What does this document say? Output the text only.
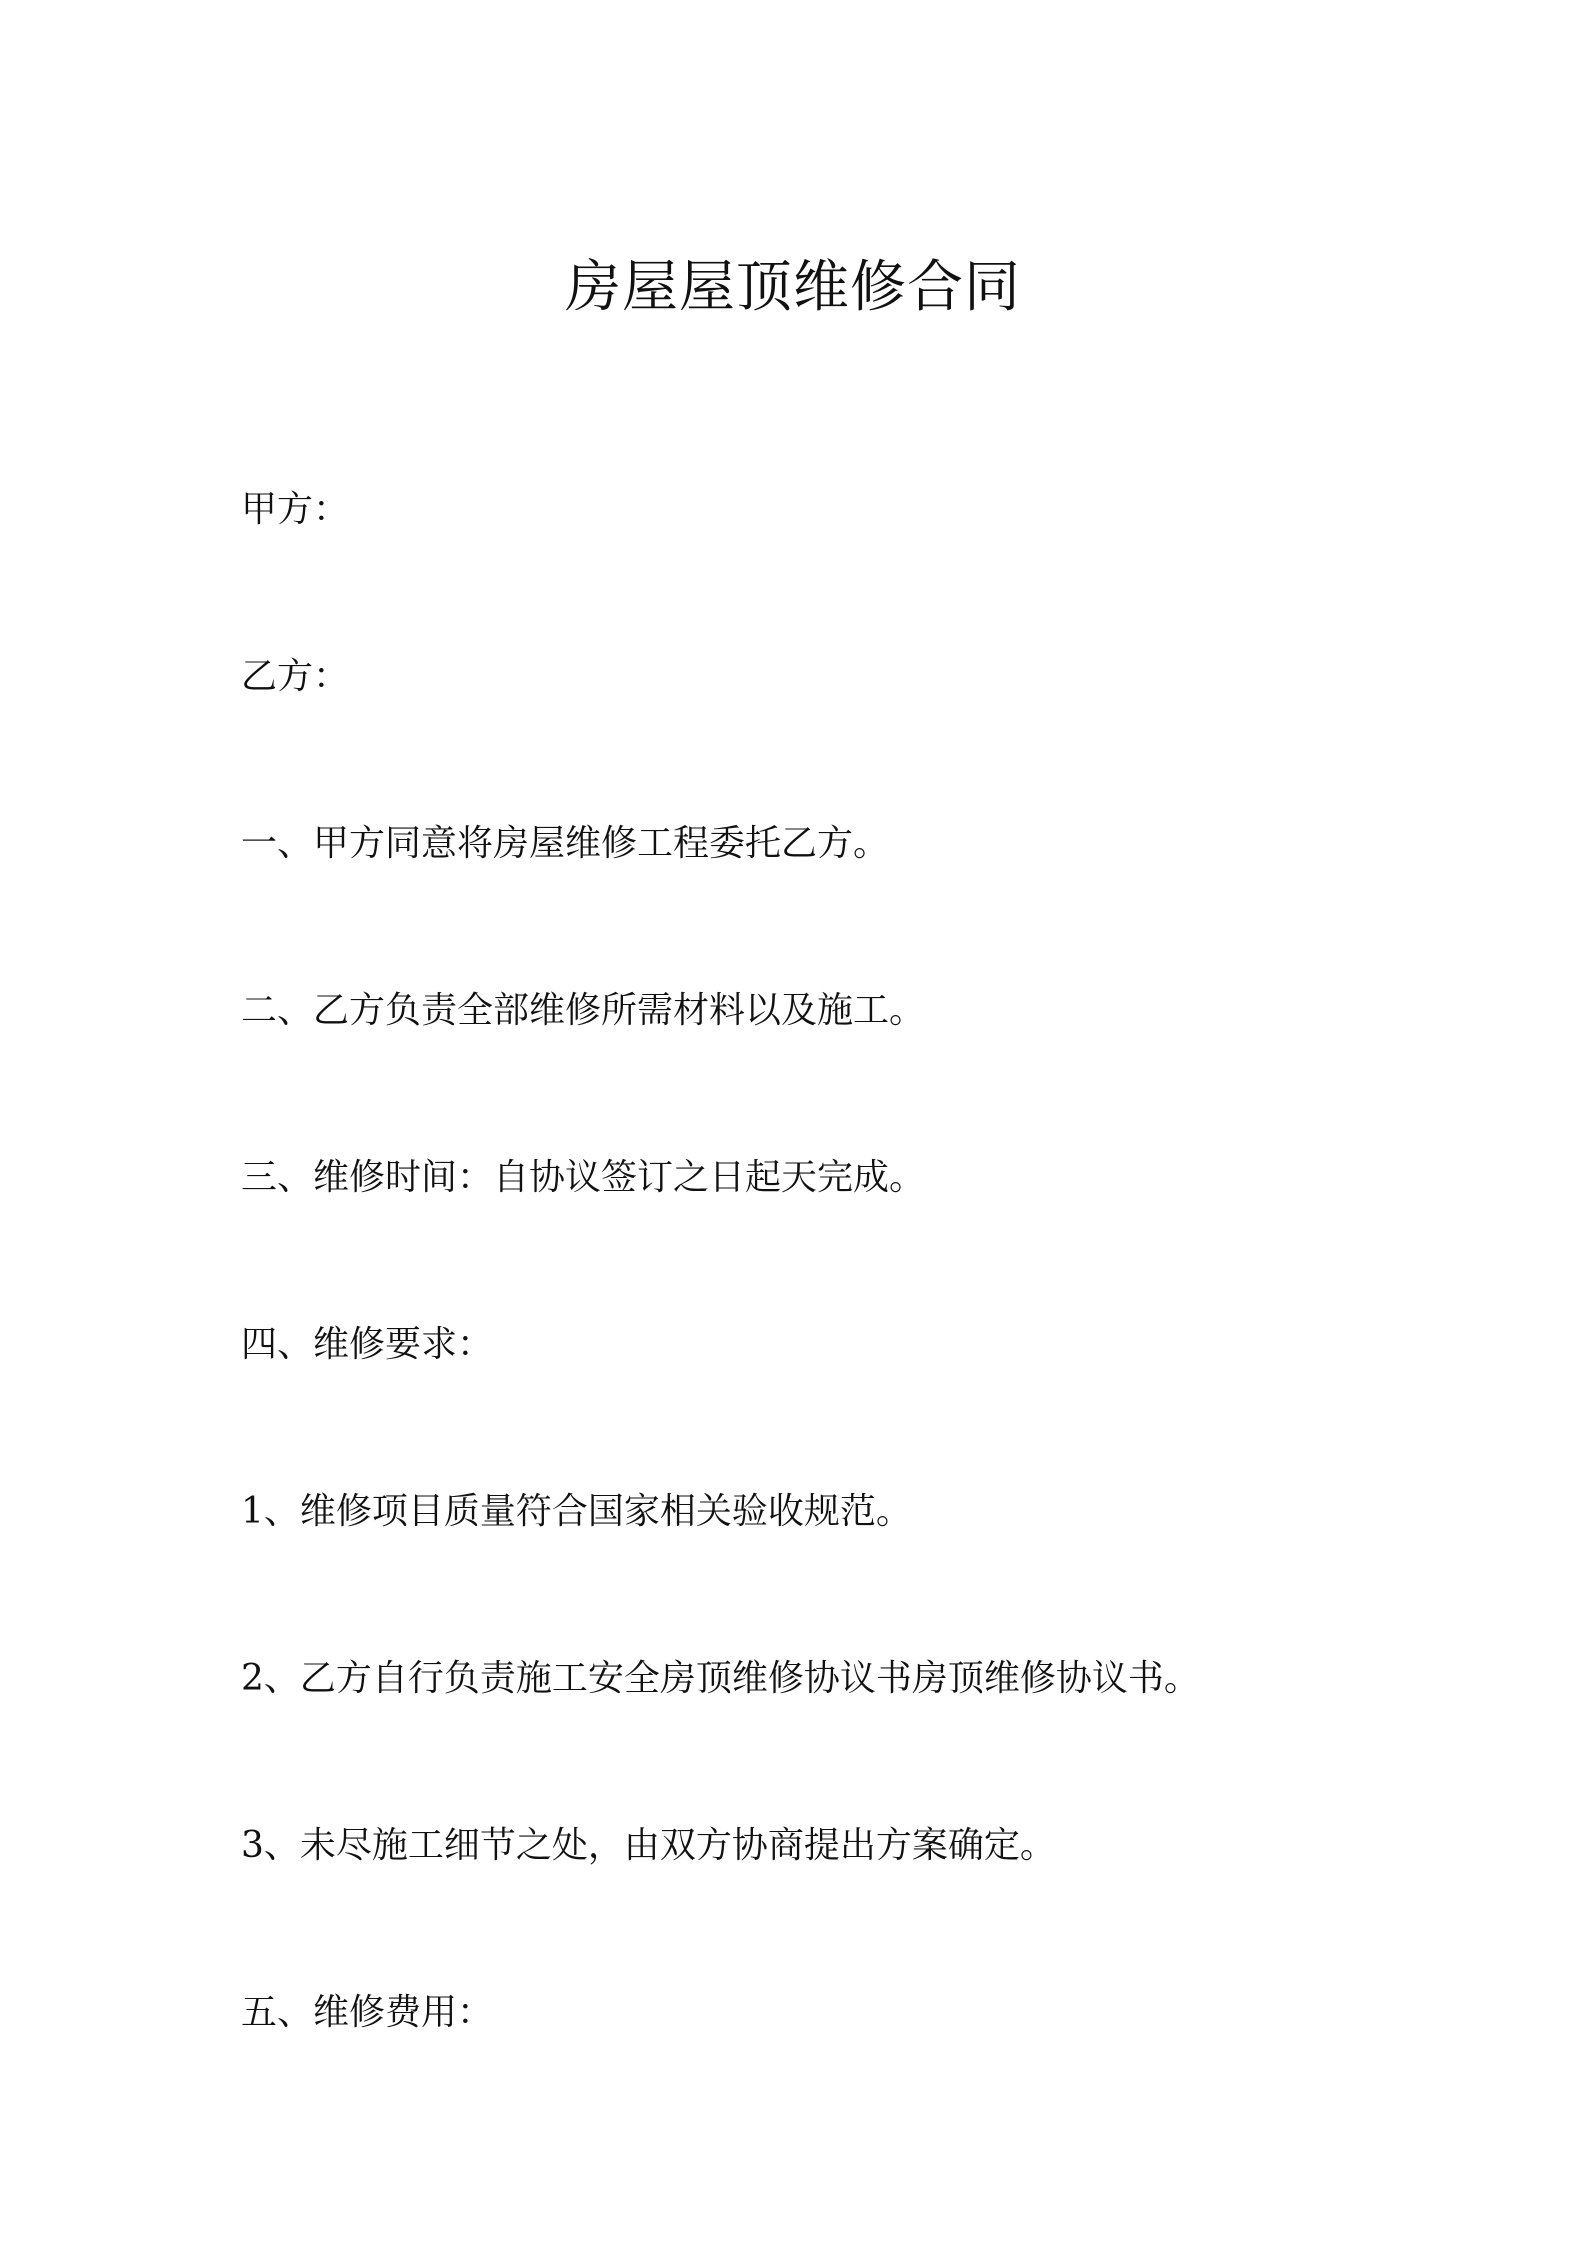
房屋屋顶维修合同

甲方：

乙方：

一、甲方同意将房屋维修工程委托乙方。

二、乙方负责全部维修所需材料以及施工。

三、维修时间：自协议签订之日起天完成。

四、维修要求：

1、维修项目质量符合国家相关验收规范。

2、乙方自行负责施工安全房顶维修协议书房顶维修协议书。

3、未尽施工细节之处，由双方协商提出方案确定。

五、维修费用：
